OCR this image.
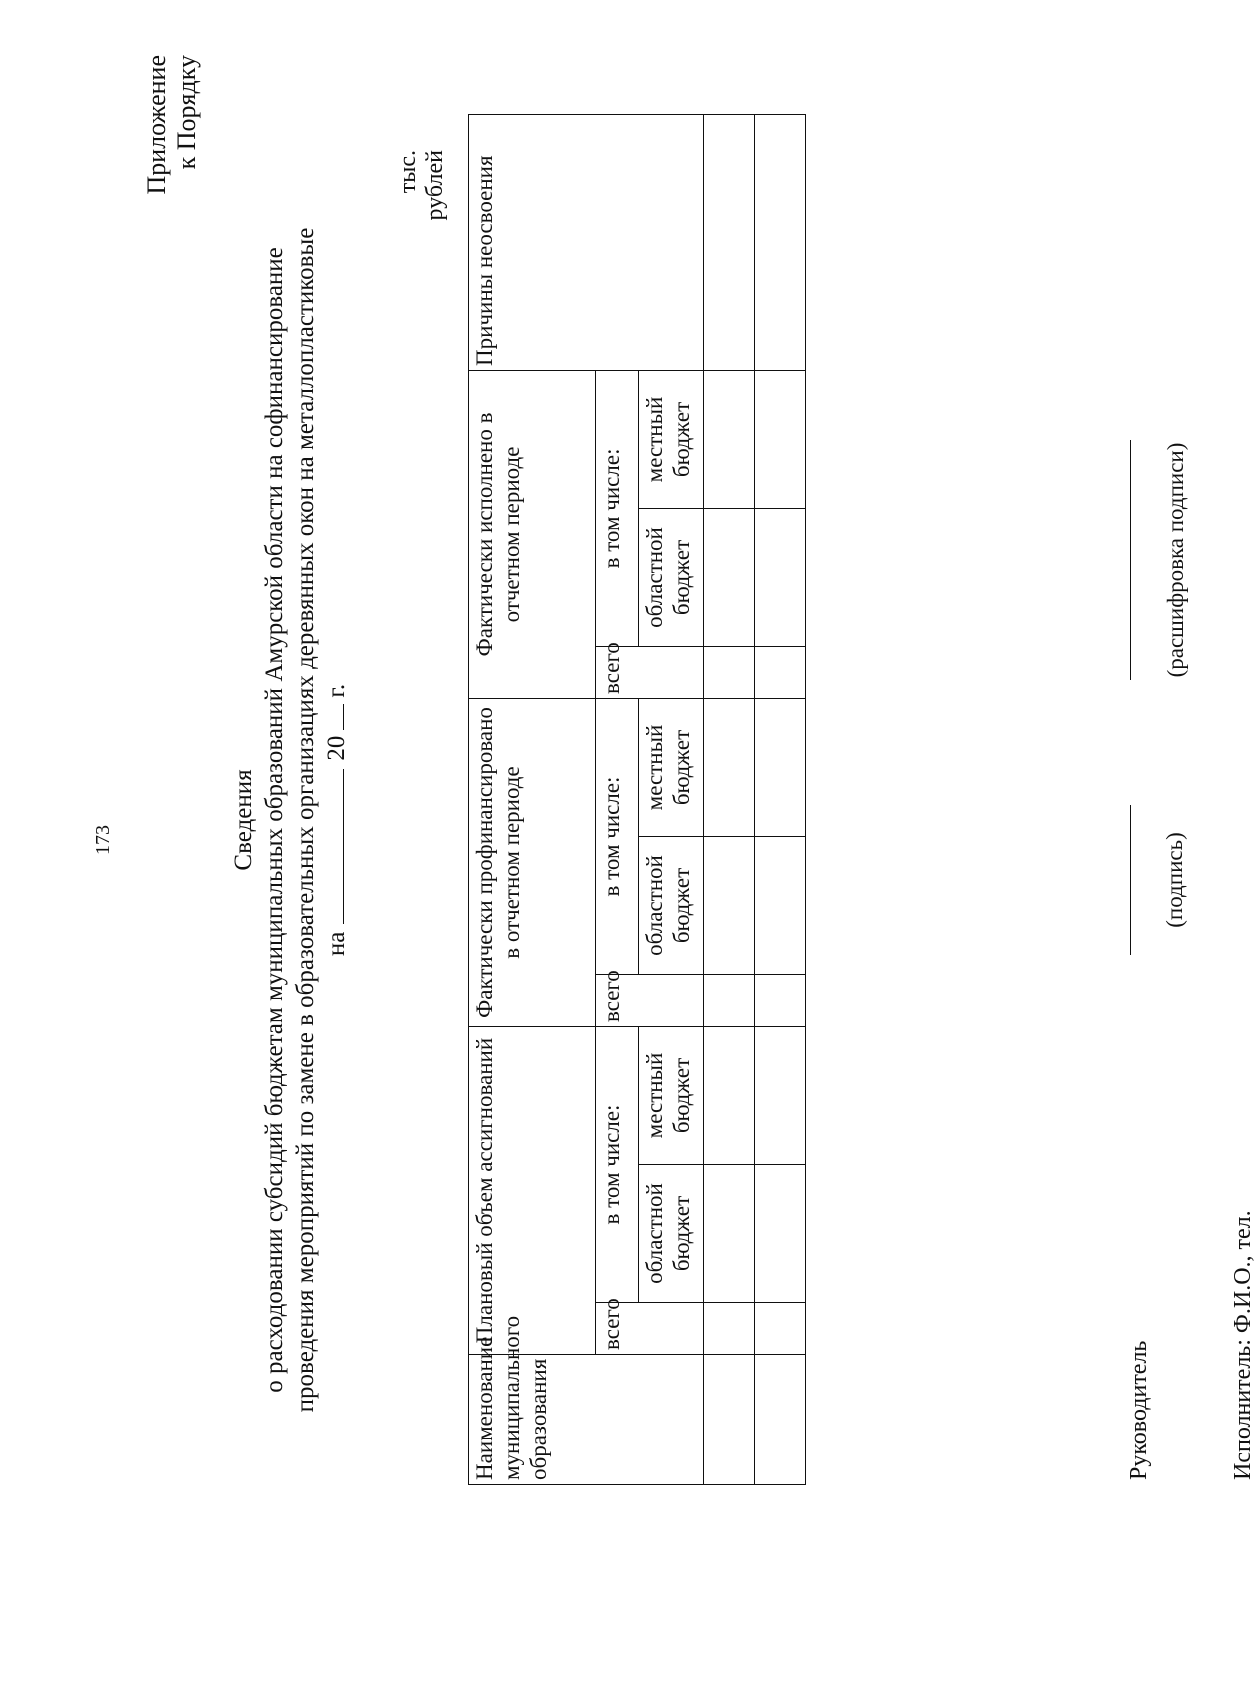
173
Приложение к Порядку
Сведения о расходовании субсидий бюджетам муниципальных образований Амурской области на софинансирование проведения мероприятий по замене в образовательных организациях деревянных окон на металлопластиковые на20г.
тыс. рублей
Наименование муниципального образования	Плановый объем ассигнований			Фактически профинансировано в отчетном периоде			Фактически исполнено в отчетном периоде			Причины неосвоения
	всего	в том числе:		всего	в том числе:		всего	в том числе:		
		областной бюджет	местный бюджет		областной бюджет	местный бюджет		областной бюджет	местный бюджет	

Руководитель
(подпись)
(расшифровка подписи)
Исполнитель: Ф.И.О., тел.
